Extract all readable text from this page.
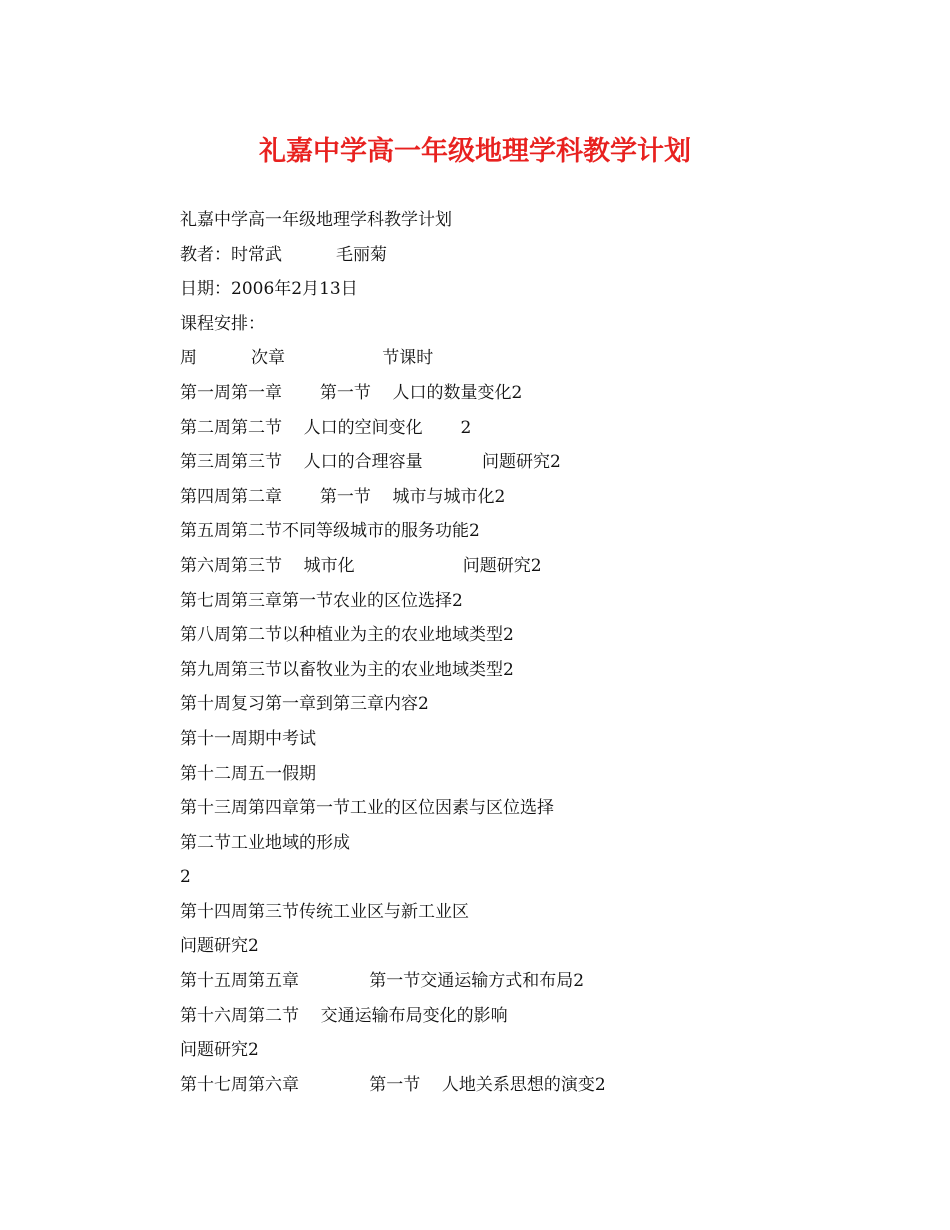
礼嘉中学高一年级地理学科教学计划
礼嘉中学高一年级地理学科教学计划
教者：时常武          毛丽菊
日期：2006年2月13日
课程安排：
周          次章                  节课时
第一周第一章       第一节    人口的数量变化2
第二周第二节    人口的空间变化       2
第三周第三节    人口的合理容量           问题研究2
第四周第二章       第一节    城市与城市化2
第五周第二节不同等级城市的服务功能2
第六周第三节    城市化                    问题研究2
第七周第三章第一节农业的区位选择2
第八周第二节以种植业为主的农业地域类型2
第九周第三节以畜牧业为主的农业地域类型2
第十周复习第一章到第三章内容2
第十一周期中考试
第十二周五一假期
第十三周第四章第一节工业的区位因素与区位选择
第二节工业地域的形成
2
第十四周第三节传统工业区与新工业区
问题研究2
第十五周第五章             第一节交通运输方式和布局2
第十六周第二节    交通运输布局变化的影响
问题研究2
第十七周第六章             第一节    人地关系思想的演变2
